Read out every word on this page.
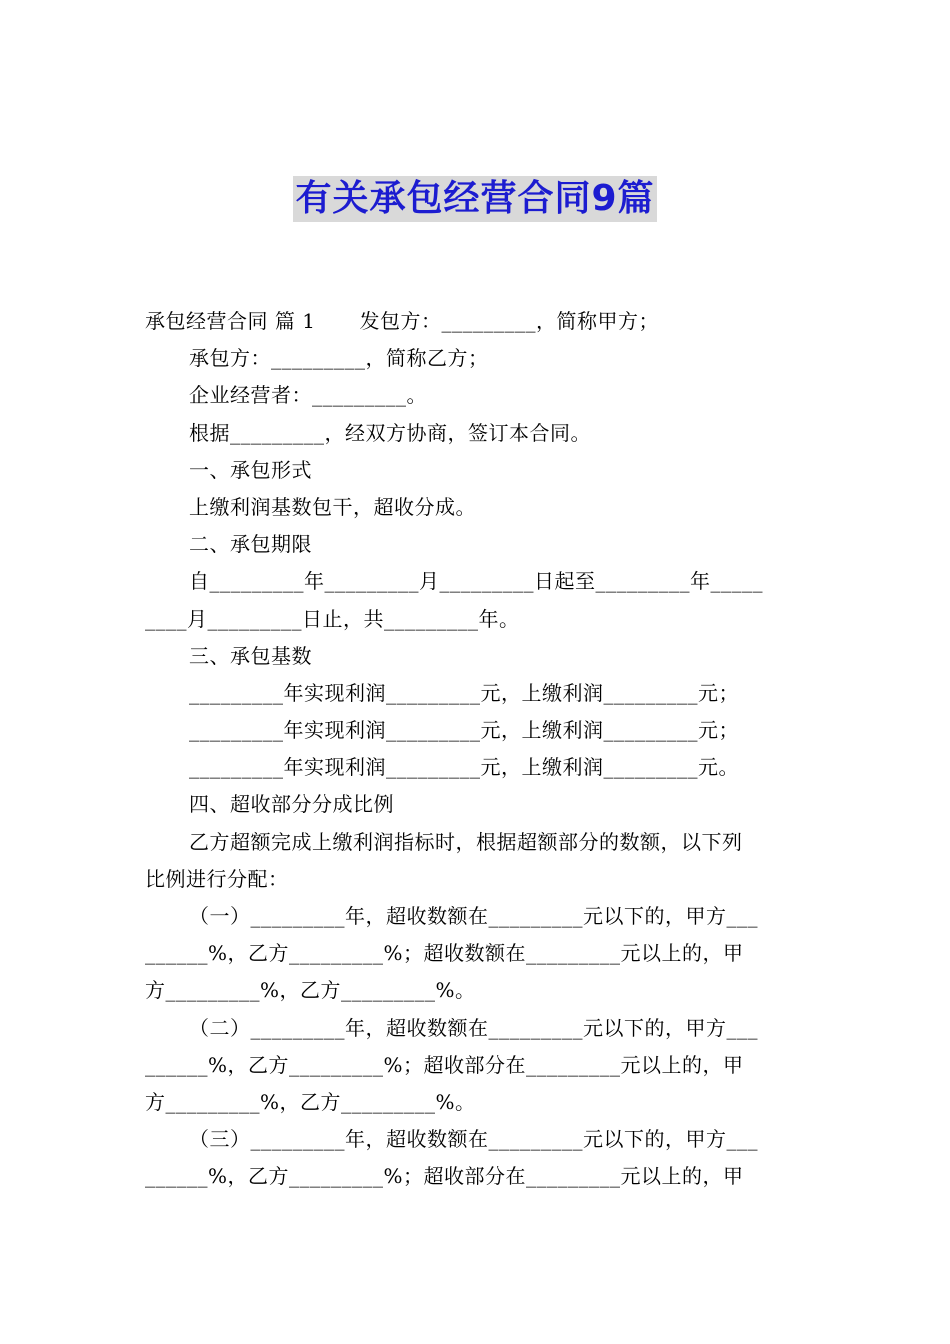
有关承包经营合同9篇
承包经营合同 篇 1 发包方：_________，简称甲方；
承包方：_________，简称乙方；
企业经营者：_________。
根据_________，经双方协商，签订本合同。
一、承包形式
上缴利润基数包干，超收分成。
二、承包期限
自_________年_________月_________日起至_________年_____
____月_________日止，共_________年。
三、承包基数
_________年实现利润_________元，上缴利润_________元；
_________年实现利润_________元，上缴利润_________元；
_________年实现利润_________元，上缴利润_________元。
四、超收部分分成比例
乙方超额完成上缴利润指标时，根据超额部分的数额，以下列
比例进行分配：
（一）_________年，超收数额在_________元以下的，甲方___
______%，乙方_________%；超收数额在_________元以上的，甲
方_________%，乙方_________%。
（二）_________年，超收数额在_________元以下的，甲方___
______%，乙方_________%；超收部分在_________元以上的，甲
方_________%，乙方_________%。
（三）_________年，超收数额在_________元以下的，甲方___
______%，乙方_________%；超收部分在_________元以上的，甲
